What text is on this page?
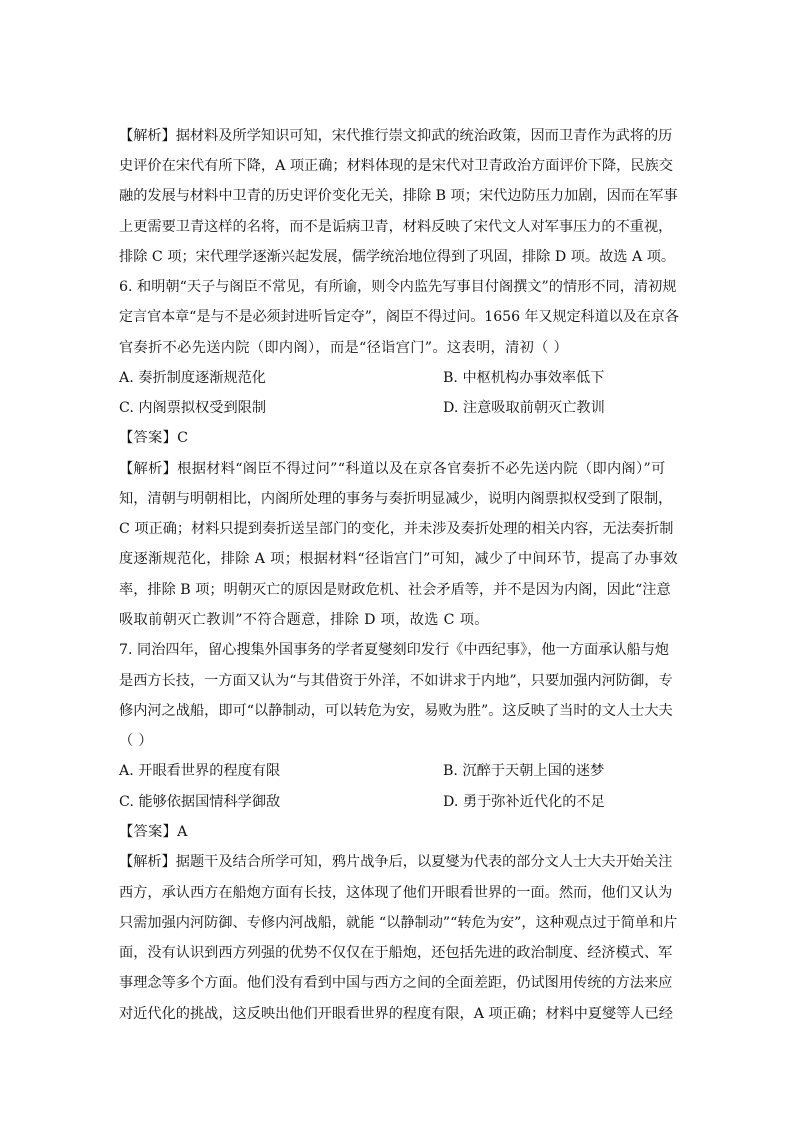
【解析】据材料及所学知识可知，宋代推行崇文抑武的统治政策，因而卫青作为武将的历
史评价在宋代有所下降，A 项正确；材料体现的是宋代对卫青政治方面评价下降，民族交
融的发展与材料中卫青的历史评价变化无关，排除 B 项；宋代边防压力加剧，因而在军事
上更需要卫青这样的名将，而不是诟病卫青，材料反映了宋代文人对军事压力的不重视，
排除 C 项；宋代理学逐渐兴起发展，儒学统治地位得到了巩固，排除 D 项。故选 A 项。
6. 和明朝“天子与阁臣不常见，有所谕，则令内监先写事目付阁撰文”的情形不同，清初规
定言官本章“是与不是必须封进听旨定夺”，阁臣不得过问。1656 年又规定科道以及在京各
官奏折不必先送内院（即内阁），而是“径诣宫门”。这表明，清初（ ）
A. 奏折制度逐渐规范化	B. 中枢机构办事效率低下
C. 内阁票拟权受到限制	D. 注意吸取前朝灭亡教训
【答案】C
【解析】根据材料“阁臣不得过问”“科道以及在京各官奏折不必先送内院（即内阁）”可
知，清朝与明朝相比，内阁所处理的事务与奏折明显减少，说明内阁票拟权受到了限制，
C 项正确；材料只提到奏折送呈部门的变化，并未涉及奏折处理的相关内容，无法奏折制
度逐渐规范化，排除 A 项；根据材料“径诣宫门”可知，减少了中间环节，提高了办事效
率，排除 B 项；明朝灭亡的原因是财政危机、社会矛盾等，并不是因为内阁，因此“注意
吸取前朝灭亡教训”不符合题意，排除 D 项，故选 C 项。
7. 同治四年，留心搜集外国事务的学者夏燮刻印发行《中西纪事》，他一方面承认船与炮
是西方长技，一方面又认为“与其借资于外洋，不如讲求于内地”，只要加强内河防御，专
修内河之战船，即可“以静制动，可以转危为安，易败为胜”。这反映了当时的文人士大夫
（ ）
A. 开眼看世界的程度有限	B. 沉醉于天朝上国的迷梦
C. 能够依据国情科学御敌	D. 勇于弥补近代化的不足
【答案】A
【解析】据题干及结合所学可知，鸦片战争后，以夏燮为代表的部分文人士大夫开始关注
西方，承认西方在船炮方面有长技，这体现了他们开眼看世界的一面。然而，他们又认为
只需加强内河防御、专修内河战船，就能 “以静制动”“转危为安”，这种观点过于简单和片
面，没有认识到西方列强的优势不仅仅在于船炮，还包括先进的政治制度、经济模式、军
事理念等多个方面。他们没有看到中国与西方之间的全面差距，仍试图用传统的方法来应
对近代化的挑战，这反映出他们开眼看世界的程度有限，A 项正确；材料中夏燮等人已经
